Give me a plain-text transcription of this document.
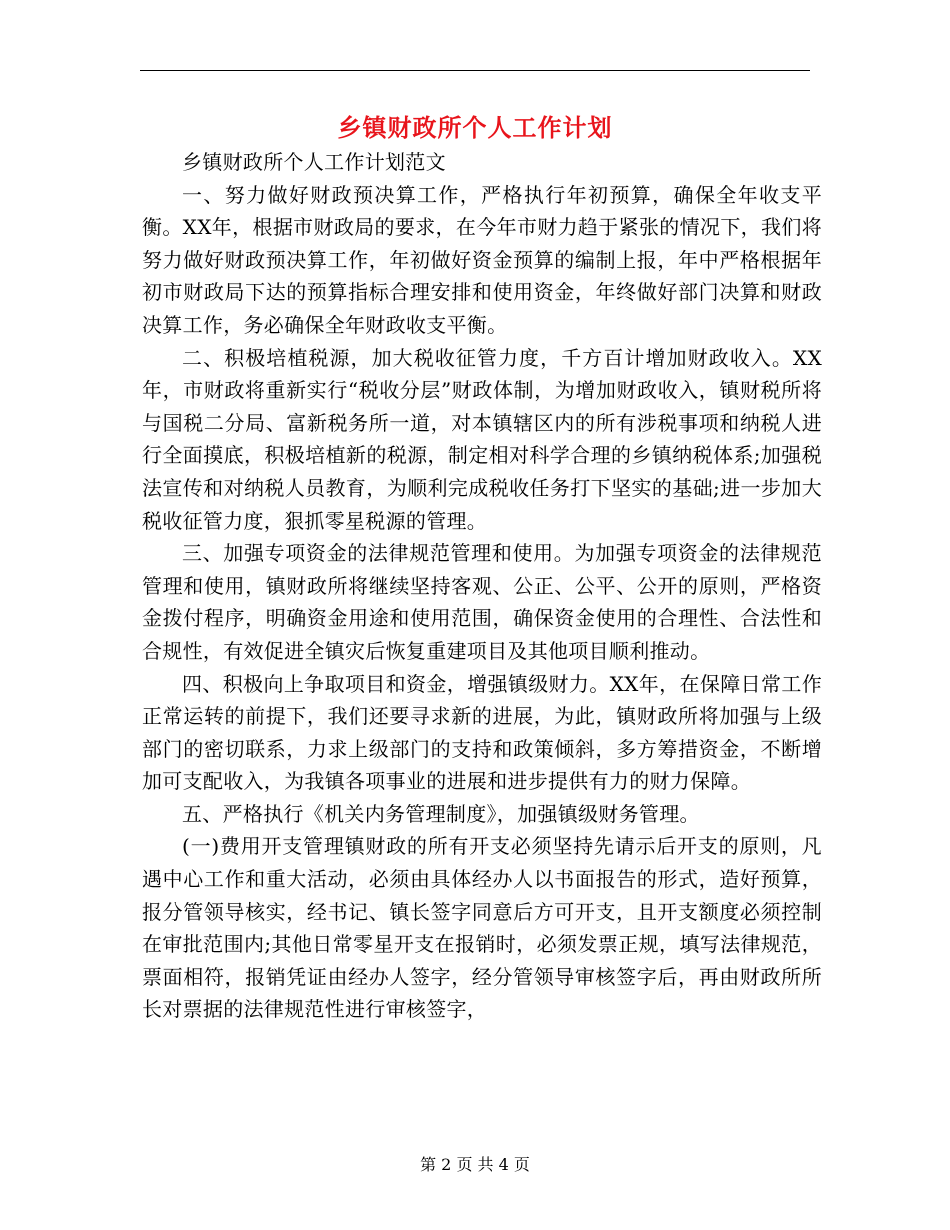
乡镇财政所个人工作计划

乡镇财政所个人工作计划范文

一、努力做好财政预决算工作，严格执行年初预算，确保全年收支平衡。XX年，根据市财政局的要求，在今年市财力趋于紧张的情况下，我们将努力做好财政预决算工作，年初做好资金预算的编制上报，年中严格根据年初市财政局下达的预算指标合理安排和使用资金，年终做好部门决算和财政决算工作，务必确保全年财政收支平衡。

二、积极培植税源，加大税收征管力度，千方百计增加财政收入。XX年，市财政将重新实行“税收分层”财政体制，为增加财政收入，镇财税所将与国税二分局、富新税务所一道，对本镇辖区内的所有涉税事项和纳税人进行全面摸底，积极培植新的税源，制定相对科学合理的乡镇纳税体系;加强税法宣传和对纳税人员教育，为顺利完成税收任务打下坚实的基础;进一步加大税收征管力度，狠抓零星税源的管理。

三、加强专项资金的法律规范管理和使用。为加强专项资金的法律规范管理和使用，镇财政所将继续坚持客观、公正、公平、公开的原则，严格资金拨付程序，明确资金用途和使用范围，确保资金使用的合理性、合法性和合规性，有效促进全镇灾后恢复重建项目及其他项目顺利推动。

四、积极向上争取项目和资金，增强镇级财力。XX年，在保障日常工作正常运转的前提下，我们还要寻求新的进展，为此，镇财政所将加强与上级部门的密切联系，力求上级部门的支持和政策倾斜，多方筹措资金，不断增加可支配收入，为我镇各项事业的进展和进步提供有力的财力保障。

五、严格执行《机关内务管理制度》，加强镇级财务管理。

(一)费用开支管理镇财政的所有开支必须坚持先请示后开支的原则，凡遇中心工作和重大活动，必须由具体经办人以书面报告的形式，造好预算，报分管领导核实，经书记、镇长签字同意后方可开支，且开支额度必须控制在审批范围内;其他日常零星开支在报销时，必须发票正规，填写法律规范，票面相符，报销凭证由经办人签字，经分管领导审核签字后，再由财政所所长对票据的法律规范性进行审核签字，

第 2 页 共 4 页
